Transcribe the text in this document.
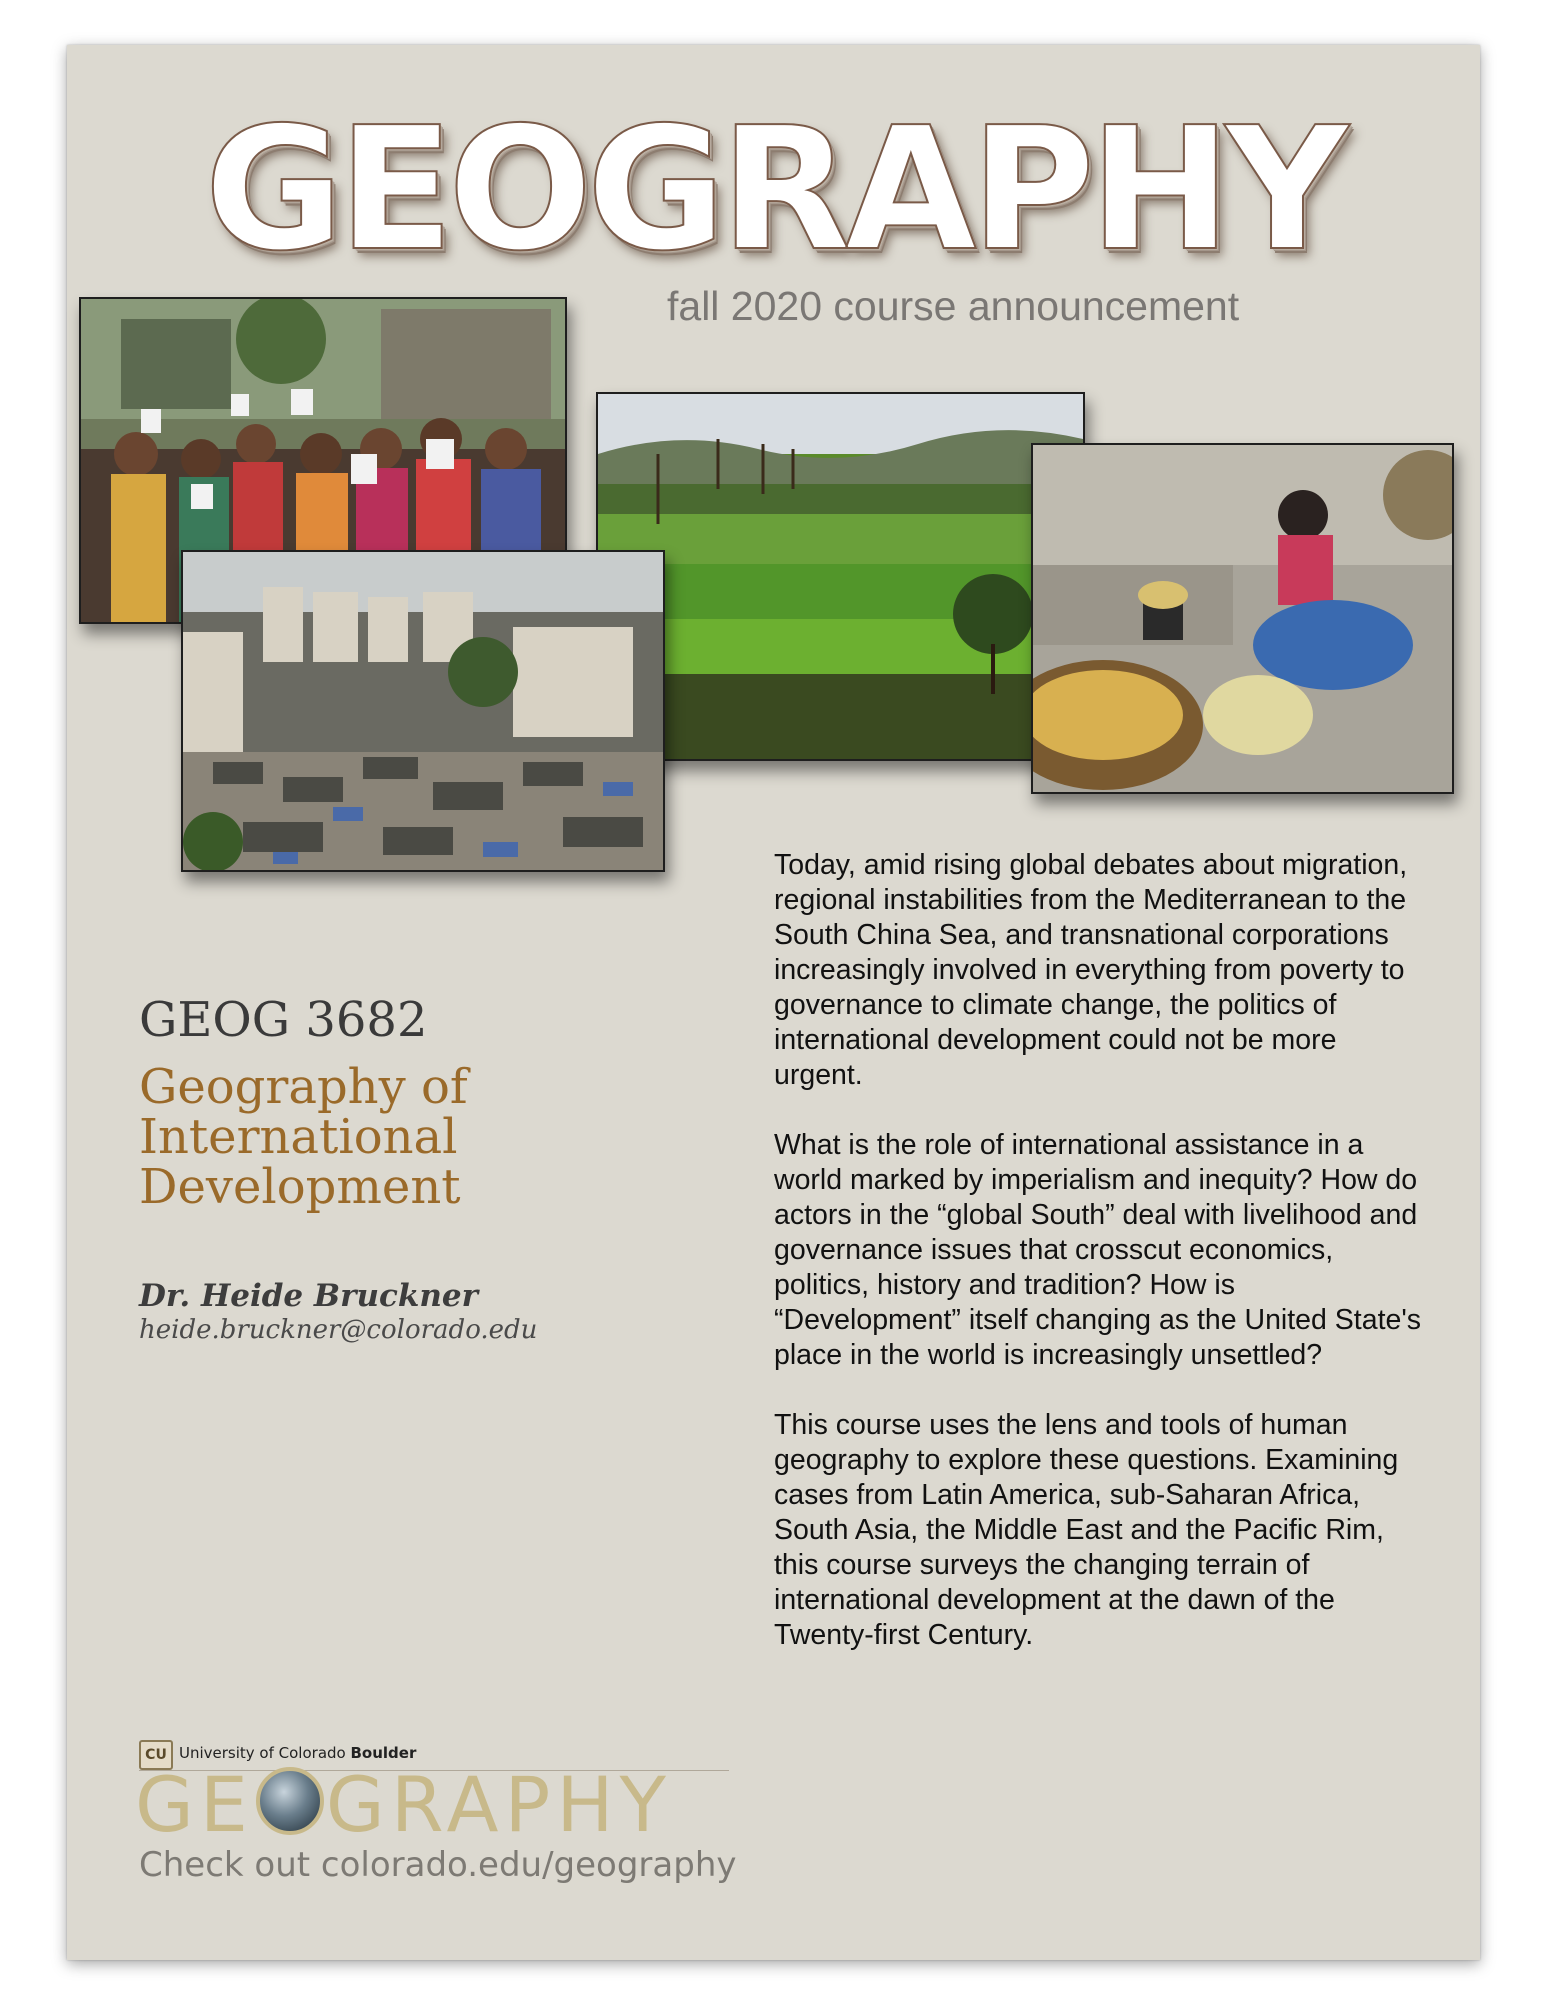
GEOGRAPHY
fall 2020 course announcement
GEOG 3682
Geography of International Development
Dr. Heide Bruckner
heide.bruckner@colorado.edu

Today, amid rising global debates about migration, regional instabilities from the Mediterranean to the South China Sea, and transnational corporations increasingly involved in everything from poverty to governance to climate change, the politics of international development could not be more urgent.

What is the role of international assistance in a world marked by imperialism and inequity? How do actors in the “global South” deal with livelihood and governance issues that crosscut economics, politics, history and tradition? How is “Development” itself changing as the United State's place in the world is increasingly unsettled?

This course uses the lens and tools of human geography to explore these questions. Examining cases from Latin America, sub-Saharan Africa, South Asia, the Middle East and the Pacific Rim, this course surveys the changing terrain of international development at the dawn of the Twenty-first Century.

CU University of Colorado Boulder
GE GRAPHY
Check out colorado.edu/geography
